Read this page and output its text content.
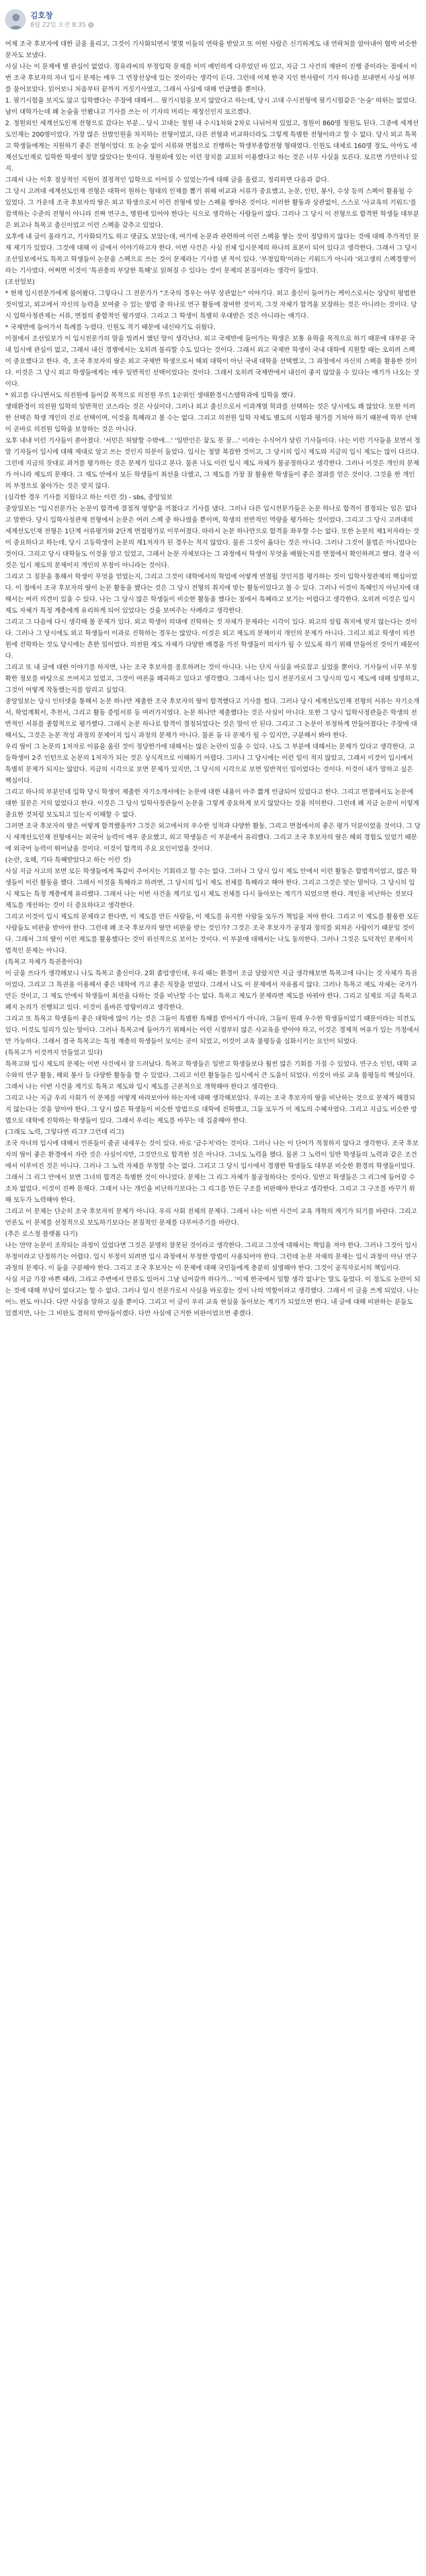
김호창
8월 22일 오전 8:35

어제 조국 후보자에 대한 글을 올리고, 그것이 기사화되면서 몇몇 이들의 연락을 받았고 또 어떤 사람은 신기하게도 내 연락처를 알아내어 협박 비슷한 문자도 보냈다.

사실 나는 이 문제에 별 관심이 없었다. 정유라씨의 부정입학 문제를 이미 예민하게 다루었던 바 있고, 지금 그 사건의 재판이 진행 중이라는 점에서 이번 조국 후보자의 자녀 입시 문제는 매우 그 연장선상에 있는 것이라는 생각이 든다. 그런데 어제 한국 지인 한사람이 기사 하나를 보내면서 사실 여부를 물어보았다. 읽어보니 처음부터 끝까지 거짓기사였고, 그래서 사실에 대해 언급했을 뿐이다.

1. 필기시험을 보지도 않고 입학했다는 주장에 대해서… 필기시험을 보지 않았다고 하는데, 당시 고대 수시전형에 필기시험같은 '논술' 따위는 없었다. 남이 대학가는데 왜 논술을 안봤냐고 기사를 쓰는 이 기자의 머리는 제정신인지 모르겠다.

2. 정원외인 세계선도인재 전형으로 갔다는 부분... 당시 고대는 정원 내 수시1차와 2차로 나뉘어져 있었고, 정원이 860명 정원도 된다. 그중에 세계선도인재는 200명이었다. 가장 많은 선발인원을 차지하는 전형이었고, 다른 전형과 비교하더라도 그렇게 특별한 전형이라고 할 수 없다. 당시 외고 특목고 학생들에게는 지원하기 좋은 전형이었다. 또 논술 없이 서류와 면접으로 진행하는 학생부종합전형 형태였다. 인원도 대체로 160명 정도, 아마도 세계선도인재로 입학한 학생이 정말 많았다는 뜻이다. 정원외에 있는 이런 장치를 교묘히 이용했다고 하는 것은 너무 사실을 모른다. 모르면 가만히나 있지.

그래서 나는 이후 점상적인 지원이 결정적인 입학으로 이어질 수 있었는가에 대해 글을 올렸고, 정리하면 다음과 같다.

그 당시 고려대 세계선도인재 전형은 대학이 원하는 형태의 인재를 뽑기 위해 비교과 서류가 중요했고, 논문, 인턴, 봉사, 수상 등의 스펙이 활용될 수 있었다. 그 가운데 조국 후보자의 딸은 외고 학생으로서 이런 전형에 맞는 스펙을 쌓아온 것이다. 이러한 활동과 상관없이, 스스로 '사교육의 키워드'를 검색하는 수준의 전형이 아니라 진짜 연구소, 병원에 있어야 한다는 식으로 생각하는 사람들이 많다. 그러나 그 당시 이 전형으로 합격한 학생들 대부분은 외고나 특목고 출신이었고 이런 스펙을 갖추고 있었다.

오후에 내 글이 올라가고, 기사화되기도 하고 댓글도 보았는데, 여기에 논문과 관련하여 이런 스펙을 쌓는 것이 정당하지 않다는 것에 대해 추가적인 문제 제기가 있었다. 그것에 대해 이 글에서 이야기하고자 한다. 이번 사건은 사실 전체 입시문제의 하나의 표본이 되어 있다고 생각한다. 그래서 그 당시 조선일보에서도 특목고 학생들이 논문을 스펙으로 쓰는 것이 문제라는 기사를 낸 적이 있다. '부정입학'이라는 키워드가 아니라 '외고생의 스펙경쟁'이라는 기사였다. 어쩌면 이것이 '특권층의 부당한 특혜'로 읽혀질 수 있다는 것이 문제의 본질이라는 생각이 들었다.

(조선일보)

* 현재 입시전문가에게 물어봤다. 그렇다니 그 전문가가 "조국의 경우는 아무 상관없는" 이야기다. 외고 출신이 들어가는 케이스로서는 상당히 평범한 것이었고, 외고에서 자신의 능력을 보여줄 수 있는 방법 중 하나로 연구 활동에 참여한 것이지, 그것 자체가 합격을 보장하는 것은 아니라는 것이다. 당시 입학사정관제는 서류, 면접의 종합적인 평가였다. 그리고 그 학생이 특별히 우대받은 것은 아니라는 얘기다.

* 국제반에 들어가서 특례를 누렸다. 인원도 적기 때문에 내신따기도 쉬웠다.

이점에서 조선일보가 이 입시전문가의 말을 빌려서 했던 말이 생각난다. 외고 국제반에 들어가는 학생은 보통 유학을 목적으로 하기 때문에 대부분 국내 입시에 관심이 없고, 그래서 내신 경쟁에서는 오히려 불리할 수도 있다는 것이다. 그래서 외고 국제반 학생이 국내 대학에 지원할 때는 오히려 스펙이 중요했다고 한다. 즉, 조국 후보자의 딸은 외고 국제반 학생으로서 해외 대학이 아닌 국내 대학을 선택했고, 그 과정에서 자신의 스펙을 활용한 것이다. 이것은 그 당시 외고 학생들에게는 매우 일반적인 선택이었다는 것이다. 그래서 오히려 국제반에서 내신이 좋지 않았을 수 있다는 얘기가 나오는 것이다.

* 외고를 다니면서도 의전원에 들어갈 목적으로 의전원 루트 1순위인 생태환경시스템학과에 입학을 했다.

생태환경이 의전원 입학의 일반적인 코스라는 것은 사실이다. 그러나 외고 출신으로서 이과계열 학과를 선택하는 것은 당시에도 꽤 많았다. 또한 이러한 선택은 학생 개인의 진로 선택이며, 이것을 특혜라고 볼 수는 없다. 그리고 의전원 입학 자체도 별도의 시험과 평가를 거쳐야 하기 때문에 학부 선택이 곧바로 의전원 입학을 보장하는 것은 아니다.

오후 내내 이런 기사들이 쏟아졌다. '서민은 허탈할 수밖에…' '일반인은 꿈도 못 꿀…' 이라는 수식어가 달린 기사들이다. 나는 이런 기사들을 보면서 정말 기자들이 입시에 대해 제대로 알고 쓰는 것인지 의문이 들었다. 입시는 정말 복잡한 것이고, 그 당시의 입시 제도와 지금의 입시 제도는 많이 다르다. 그런데 지금의 잣대로 과거를 평가하는 것은 문제가 있다고 본다. 물론 나도 이런 입시 제도 자체가 불공정하다고 생각한다. 그러나 이것은 개인의 문제가 아니라 제도의 문제다. 그 제도 안에서 모든 학생들이 최선을 다했고, 그 제도를 가장 잘 활용한 학생들이 좋은 결과를 얻은 것이다. 그것을 한 개인의 부정으로 몰아가는 것은 맞지 않다.

(심각한 경우 기사를 지웠다고 하는 이런 것) - sbs, 중앙일보

중앙일보는 "입시전문가는 논문이 합격에 결정적 영향"을 끼쳤다고 기사를 냈다. 그러나 다른 입시전문가들은 논문 하나로 합격이 결정되는 일은 없다고 말한다. 당시 입학사정관제 전형에서 논문은 여러 스펙 중 하나였을 뿐이며, 학생의 전반적인 역량을 평가하는 것이었다. 그리고 그 당시 고려대의 세계선도인재 전형은 1단계 서류평가와 2단계 면접평가로 이루어졌다. 따라서 논문 하나만으로 합격을 좌우할 수는 없다. 또한 논문의 제1저자라는 것이 중요하다고 하는데, 당시 고등학생이 논문의 제1저자가 된 경우는 적지 않았다. 물론 그것이 옳다는 것은 아니다. 그러나 그것이 불법은 아니었다는 것이다. 그리고 당시 대학들도 이것을 알고 있었고, 그래서 논문 자체보다는 그 과정에서 학생이 무엇을 배웠는지를 면접에서 확인하려고 했다. 결국 이것은 입시 제도의 문제이지 개인의 부정이 아니라는 것이다.

그리고 그 질문을 통해서 학생이 무엇을 얻었는지, 그리고 그것이 대학에서의 학업에 어떻게 연결될 것인지를 평가하는 것이 입학사정관제의 핵심이었다. 이 점에서 조국 후보자의 딸이 논문 활동을 했다는 것은 그 당시 전형의 취지에 맞는 활동이었다고 볼 수 있다. 그러나 이것이 특혜인지 아닌지에 대해서는 여러 의견이 있을 수 있다. 나는 그 당시 많은 학생들이 비슷한 활동을 했다는 점에서 특혜라고 보기는 어렵다고 생각한다. 오히려 이것은 입시 제도 자체가 특정 계층에게 유리하게 되어 있었다는 것을 보여주는 사례라고 생각한다.

그리고 그 다음에 다시 생각해 볼 문제가 있다. 외고 학생이 의대에 진학하는 것 자체가 문제라는 시각이 있다. 외고의 설립 취지에 맞지 않는다는 것이다. 그러나 그 당시에도 외고 학생들이 이과로 진학하는 경우는 많았다. 이것은 외고 제도의 문제이지 개인의 문제가 아니다. 그리고 외고 학생이 의전원에 진학하는 것도 당시에는 흔한 일이었다. 의전원 제도 자체가 다양한 배경을 가진 학생들이 의사가 될 수 있도록 하기 위해 만들어진 것이기 때문이다.

그리고 또 내 글에 대한 이야기를 하자면, 나는 조국 후보자를 옹호하려는 것이 아니다. 나는 단지 사실을 바로잡고 싶었을 뿐이다. 기사들이 너무 부정확한 정보를 바탕으로 쓰여지고 있었고, 그것이 여론을 왜곡하고 있다고 생각했다. 그래서 나는 입시 전문가로서 그 당시의 입시 제도에 대해 설명하고, 그것이 어떻게 작동했는지를 알리고 싶었다.

중앙일보는 당시 인터넷을 통해서 논문 하나만 제출한 조국 후보자의 딸이 합격했다고 기사를 썼다. 그러나 당시 세계선도인재 전형의 서류는 자기소개서, 학업계획서, 추천서, 그리고 활동 증빙서류 등 여러가지였다. 논문 하나만 제출했다는 것은 사실이 아니다. 또한 그 당시 입학사정관들은 학생의 전반적인 서류를 종합적으로 평가했다. 그래서 논문 하나로 합격이 결정되었다는 것은 말이 안 된다. 그리고 그 논문이 부정하게 만들어졌다는 주장에 대해서도, 그것은 논문 작성 과정의 문제이지 입시 과정의 문제가 아니다. 물론 둘 다 문제가 될 수 있지만, 구분해서 봐야 한다.

우리 딸이 그 논문의 1저자로 이름을 올린 것이 정당한가에 대해서는 많은 논란이 있을 수 있다. 나도 그 부분에 대해서는 문제가 있다고 생각한다. 고등학생이 2주 인턴으로 논문의 1저자가 되는 것은 상식적으로 이해하기 어렵다. 그러나 그 당시에는 이런 일이 적지 않았고, 그래서 이것이 입시에서 특별히 문제가 되지는 않았다. 지금의 시각으로 보면 문제가 있지만, 그 당시의 시각으로 보면 일반적인 일이었다는 것이다. 이것이 내가 말하고 싶은 핵심이다.

그리고 하나의 부분인데 입학 당시 학생이 제출한 자기소개서에는 논문에 대한 내용이 아주 짧게 언급되어 있었다고 한다. 그리고 면접에서도 논문에 대한 질문은 거의 없었다고 한다. 이것은 그 당시 입학사정관들이 논문을 그렇게 중요하게 보지 않았다는 것을 의미한다. 그런데 왜 지금 논문이 이렇게 중요한 것처럼 보도되고 있는지 이해할 수 없다.

그러면 조국 후보자의 딸은 어떻게 합격했을까? 그것은 외고에서의 우수한 성적과 다양한 활동, 그리고 면접에서의 좋은 평가 덕분이었을 것이다. 그 당시 세계선도인재 전형에서는 외국어 능력이 매우 중요했고, 외고 학생들은 이 부분에서 유리했다. 그리고 조국 후보자의 딸은 해외 경험도 있었기 때문에 외국어 능력이 뛰어났을 것이다. 이것이 합격의 주요 요인이었을 것이다.

(논란, 오해, 기타 특혜받았다고 하는 이런 것)

사실 지금 사고의 보면 모든 학생들에게 똑같이 주어지는 기회라고 할 수는 없다. 그러나 그 당시 입시 제도 안에서 이런 활동은 합법적이었고, 많은 학생들이 이런 활동을 했다. 그래서 이것을 특혜라고 하려면, 그 당시의 입시 제도 전체를 특혜라고 해야 한다. 그리고 그것은 맞는 말이다. 그 당시의 입시 제도는 특정 계층에게 유리했다. 그래서 나는 이번 사건을 계기로 입시 제도 전체를 다시 돌아보는 계기가 되었으면 한다. 개인을 비난하는 것보다 제도를 개선하는 것이 더 중요하다고 생각한다.

그리고 이것이 입시 제도의 문제라고 한다면, 이 제도를 만든 사람들, 이 제도를 유지한 사람들 모두가 책임을 져야 한다. 그리고 이 제도를 활용한 모든 사람들도 비판을 받아야 한다. 그런데 왜 조국 후보자의 딸만 비판을 받는 것인가? 그것은 조국 후보자가 공정과 정의를 외쳐온 사람이기 때문일 것이다. 그래서 그의 딸이 이런 제도를 활용했다는 것이 위선적으로 보이는 것이다. 이 부분에 대해서는 나도 동의한다. 그러나 그것은 도덕적인 문제이지 법적인 문제는 아니다.

(특목고 자체가 특권층이다)

이 글을 쓰다가 생각해보니 나도 특목고 출신이다. 2회 졸업생인데, 우리 때는 환경이 조금 달랐지만 지금 생각해보면 특목고에 다니는 것 자체가 특권이었다. 그리고 그 특권을 이용해서 좋은 대학에 가고 좋은 직장을 얻었다. 그래서 나도 이 문제에서 자유롭지 않다. 그러나 특목고 제도 자체는 국가가 만든 것이고, 그 제도 안에서 학생들이 최선을 다하는 것을 비난할 수는 없다. 특목고 제도가 문제라면 제도를 바꿔야 한다. 그리고 실제로 지금 특목고 폐지 논의가 진행되고 있다. 이것이 올바른 방향이라고 생각한다.

그리고 또 특목고 학생들이 좋은 대학에 많이 가는 것은 그들이 특별한 특혜를 받아서가 아니라, 그들이 원래 우수한 학생들이었기 때문이라는 의견도 있다. 이것도 일리가 있는 말이다. 그러나 특목고에 들어가기 위해서는 어린 시절부터 많은 사교육을 받아야 하고, 이것은 경제적 여유가 있는 가정에서만 가능하다. 그래서 결국 특목고는 특정 계층의 학생들이 모이는 곳이 되었고, 이것이 교육 불평등을 심화시키는 요인이 되었다.

(특목고가 이것까지 만들었고 있다)

특목고와 입시 제도의 문제는 이번 사건에서 잘 드러났다. 특목고 학생들은 일반고 학생들보다 훨씬 많은 기회를 가질 수 있었다. 연구소 인턴, 대학 교수와의 연구 활동, 해외 봉사 등 다양한 활동을 할 수 있었다. 그리고 이런 활동들은 입시에서 큰 도움이 되었다. 이것이 바로 교육 불평등의 핵심이다. 그래서 나는 이번 사건을 계기로 특목고 제도와 입시 제도를 근본적으로 개혁해야 한다고 생각한다.

그리고 나는 지금 우리 사회가 이 문제를 어떻게 바라보아야 하는지에 대해 생각해보았다. 우리는 조국 후보자의 딸을 비난하는 것으로 문제가 해결되지 않는다는 것을 알아야 한다. 그 당시 많은 학생들이 비슷한 방법으로 대학에 진학했고, 그들 모두가 이 제도의 수혜자였다. 그리고 지금도 비슷한 방법으로 대학에 진학하는 학생들이 있다. 그래서 우리는 제도를 바꾸는 데 집중해야 한다.

(그래도 노력, 그렇다면 리그? 그런데 리그)

조국 자녀의 입시에 대해서 언론들이 줄곧 내세우는 것이 있다. 바로 '금수저'라는 것이다. 그러나 나는 이 단어가 적절하지 않다고 생각한다. 조국 후보자의 딸이 좋은 환경에서 자란 것은 사실이지만, 그것만으로 합격한 것은 아니다. 그녀도 노력을 했다. 물론 그 노력이 일반 학생들의 노력과 같은 조건에서 이루어진 것은 아니다. 그러나 그 노력 자체를 부정할 수는 없다. 그리고 그 당시 입시에서 경쟁한 학생들도 대부분 비슷한 환경의 학생들이었다. 그래서 그 리그 안에서 보면 그녀의 합격은 특별한 것이 아니었다. 문제는 그 리그 자체가 불공정하다는 것이다. 일반고 학생들은 그 리그에 들어갈 수조차 없었다. 이것이 진짜 문제다. 그래서 나는 개인을 비난하기보다는 그 리그를 만든 구조를 비판해야 한다고 생각한다. 그리고 그 구조를 바꾸기 위해 모두가 노력해야 한다.

그리고 이 문제는 단순히 조국 후보자의 문제가 아니다. 우리 사회 전체의 문제다. 그래서 나는 이번 사건이 교육 개혁의 계기가 되기를 바란다. 그리고 언론도 이 문제를 선정적으로 보도하기보다는 본질적인 문제를 다루어주기를 바란다.

(추은 로스정 플랫폼 다기)

나는 만약 논문이 조작되는 과정이 있었다면 그것은 분명히 잘못된 것이라고 생각한다. 그리고 그것에 대해서는 책임을 져야 한다. 그러나 그것이 입시 부정이라고 단정하기는 어렵다. 입시 부정이 되려면 입시 과정에서 부정한 방법이 사용되어야 한다. 그런데 논문 자체의 문제는 입시 과정이 아닌 연구 과정의 문제다. 이 둘을 구분해야 한다. 그리고 조국 후보자는 이 문제에 대해 국민들에게 충분히 설명해야 한다. 그것이 공직자로서의 책임이다.

사실 지금 가장 바쁜 때라, 그리고 주변에서 만류도 있어서 그냥 넘어갈까 하다가... '이제 한국에서 일할 생각 없냐'는 말도 들었다. 이 정도로 논란이 되는 것에 대해 부담이 없다고는 할 수 없다. 그러나 입시 전문가로서 사실을 바로잡는 것이 나의 역할이라고 생각했다. 그래서 이 글을 쓰게 되었다. 나는 어느 편도 아니다. 다만 사실을 말하고 싶을 뿐이다. 그리고 이 글이 우리 교육 현실을 돌아보는 계기가 되었으면 한다. 내 글에 대해 비판하는 분들도 있겠지만, 나는 그 비판도 겸허히 받아들이겠다. 다만 사실에 근거한 비판이었으면 좋겠다.
